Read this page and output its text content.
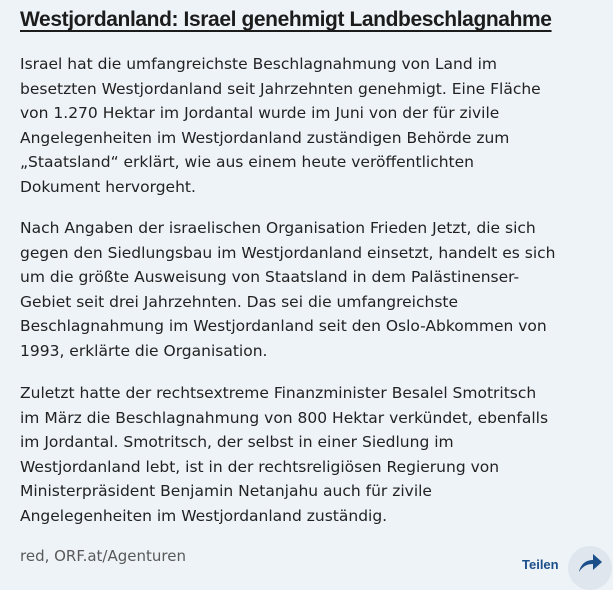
Westjordanland: Israel genehmigt Landbeschlagnahme

Israel hat die umfangreichste Beschlagnahmung von Land im
besetzten Westjordanland seit Jahrzehnten genehmigt. Eine Fläche
von 1.270 Hektar im Jordantal wurde im Juni von der für zivile
Angelegenheiten im Westjordanland zuständigen Behörde zum
„Staatsland“ erklärt, wie aus einem heute veröffentlichten
Dokument hervorgeht.

Nach Angaben der israelischen Organisation Frieden Jetzt, die sich
gegen den Siedlungsbau im Westjordanland einsetzt, handelt es sich
um die größte Ausweisung von Staatsland in dem Palästinenser-
Gebiet seit drei Jahrzehnten. Das sei die umfangreichste
Beschlagnahmung im Westjordanland seit den Oslo-Abkommen von
1993, erklärte die Organisation.

Zuletzt hatte der rechtsextreme Finanzminister Besalel Smotritsch
im März die Beschlagnahmung von 800 Hektar verkündet, ebenfalls
im Jordantal. Smotritsch, der selbst in einer Siedlung im
Westjordanland lebt, ist in der rechtsreligiösen Regierung von
Ministerpräsident Benjamin Netanjahu auch für zivile
Angelegenheiten im Westjordanland zuständig.

red, ORF.at/Agenturen	Teilen
